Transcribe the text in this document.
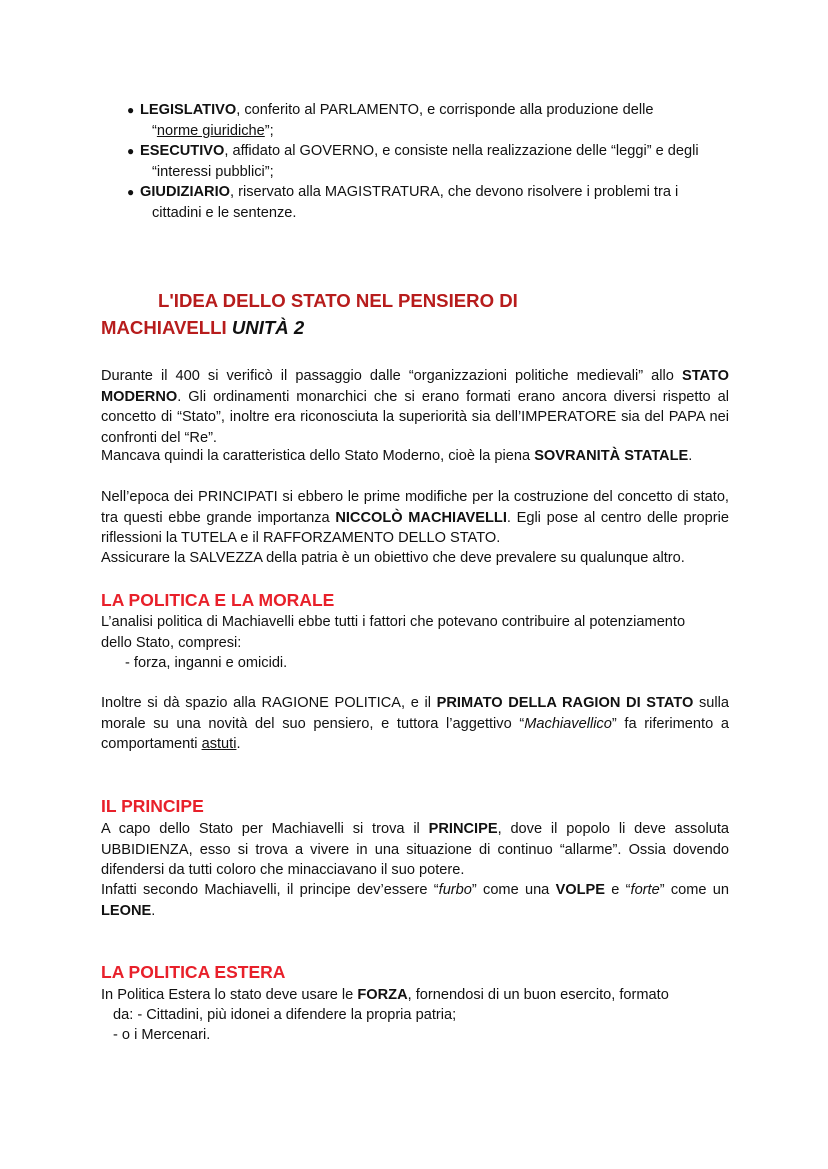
● LEGISLATIVO, conferito al PARLAMENTO, e corrisponde alla produzione delle
“norme giuridiche”;
● ESECUTIVO, affidato al GOVERNO, e consiste nella realizzazione delle “leggi” e degli
“interessi pubblici”;
● GIUDIZIARIO, riservato alla MAGISTRATURA, che devono risolvere i problemi tra i
cittadini e le sentenze.
L'IDEA DELLO STATO NEL PENSIERO DI
MACHIAVELLI UNITÀ 2
Durante il 400 si verificò il passaggio dalle “organizzazioni politiche medievali” allo STATO MODERNO. Gli ordinamenti monarchici che si erano formati erano ancora diversi rispetto al concetto di “Stato”, inoltre era riconosciuta la superiorità sia dell’IMPERATORE sia del PAPA nei confronti del “Re”.
Mancava quindi la caratteristica dello Stato Moderno, cioè la piena SOVRANITÀ STATALE.
Nell’epoca dei PRINCIPATI si ebbero le prime modifiche per la costruzione del concetto di stato, tra questi ebbe grande importanza NICCOLÒ MACHIAVELLI. Egli pose al centro delle proprie riflessioni la TUTELA e il RAFFORZAMENTO DELLO STATO.
Assicurare la SALVEZZA della patria è un obiettivo che deve prevalere su qualunque altro.
LA POLITICA E LA MORALE
L’analisi politica di Machiavelli ebbe tutti i fattori che potevano contribuire al potenziamento dello Stato, compresi:
- forza, inganni e omicidi.
Inoltre si dà spazio alla RAGIONE POLITICA, e il PRIMATO DELLA RAGION DI STATO sulla morale su una novità del suo pensiero, e tuttora l’aggettivo “Machiavellico” fa riferimento a comportamenti astuti.
IL PRINCIPE
A capo dello Stato per Machiavelli si trova il PRINCIPE, dove il popolo li deve assoluta UBBIDIENZA, esso si trova a vivere in una situazione di continuo “allarme”. Ossia dovendo difendersi da tutti coloro che minacciavano il suo potere.
Infatti secondo Machiavelli, il principe dev’essere “furbo” come una VOLPE e “forte” come un LEONE.
LA POLITICA ESTERA
In Politica Estera lo stato deve usare le FORZA, fornendosi di un buon esercito, formato
da: - Cittadini, più idonei a difendere la propria patria;
- o i Mercenari.
